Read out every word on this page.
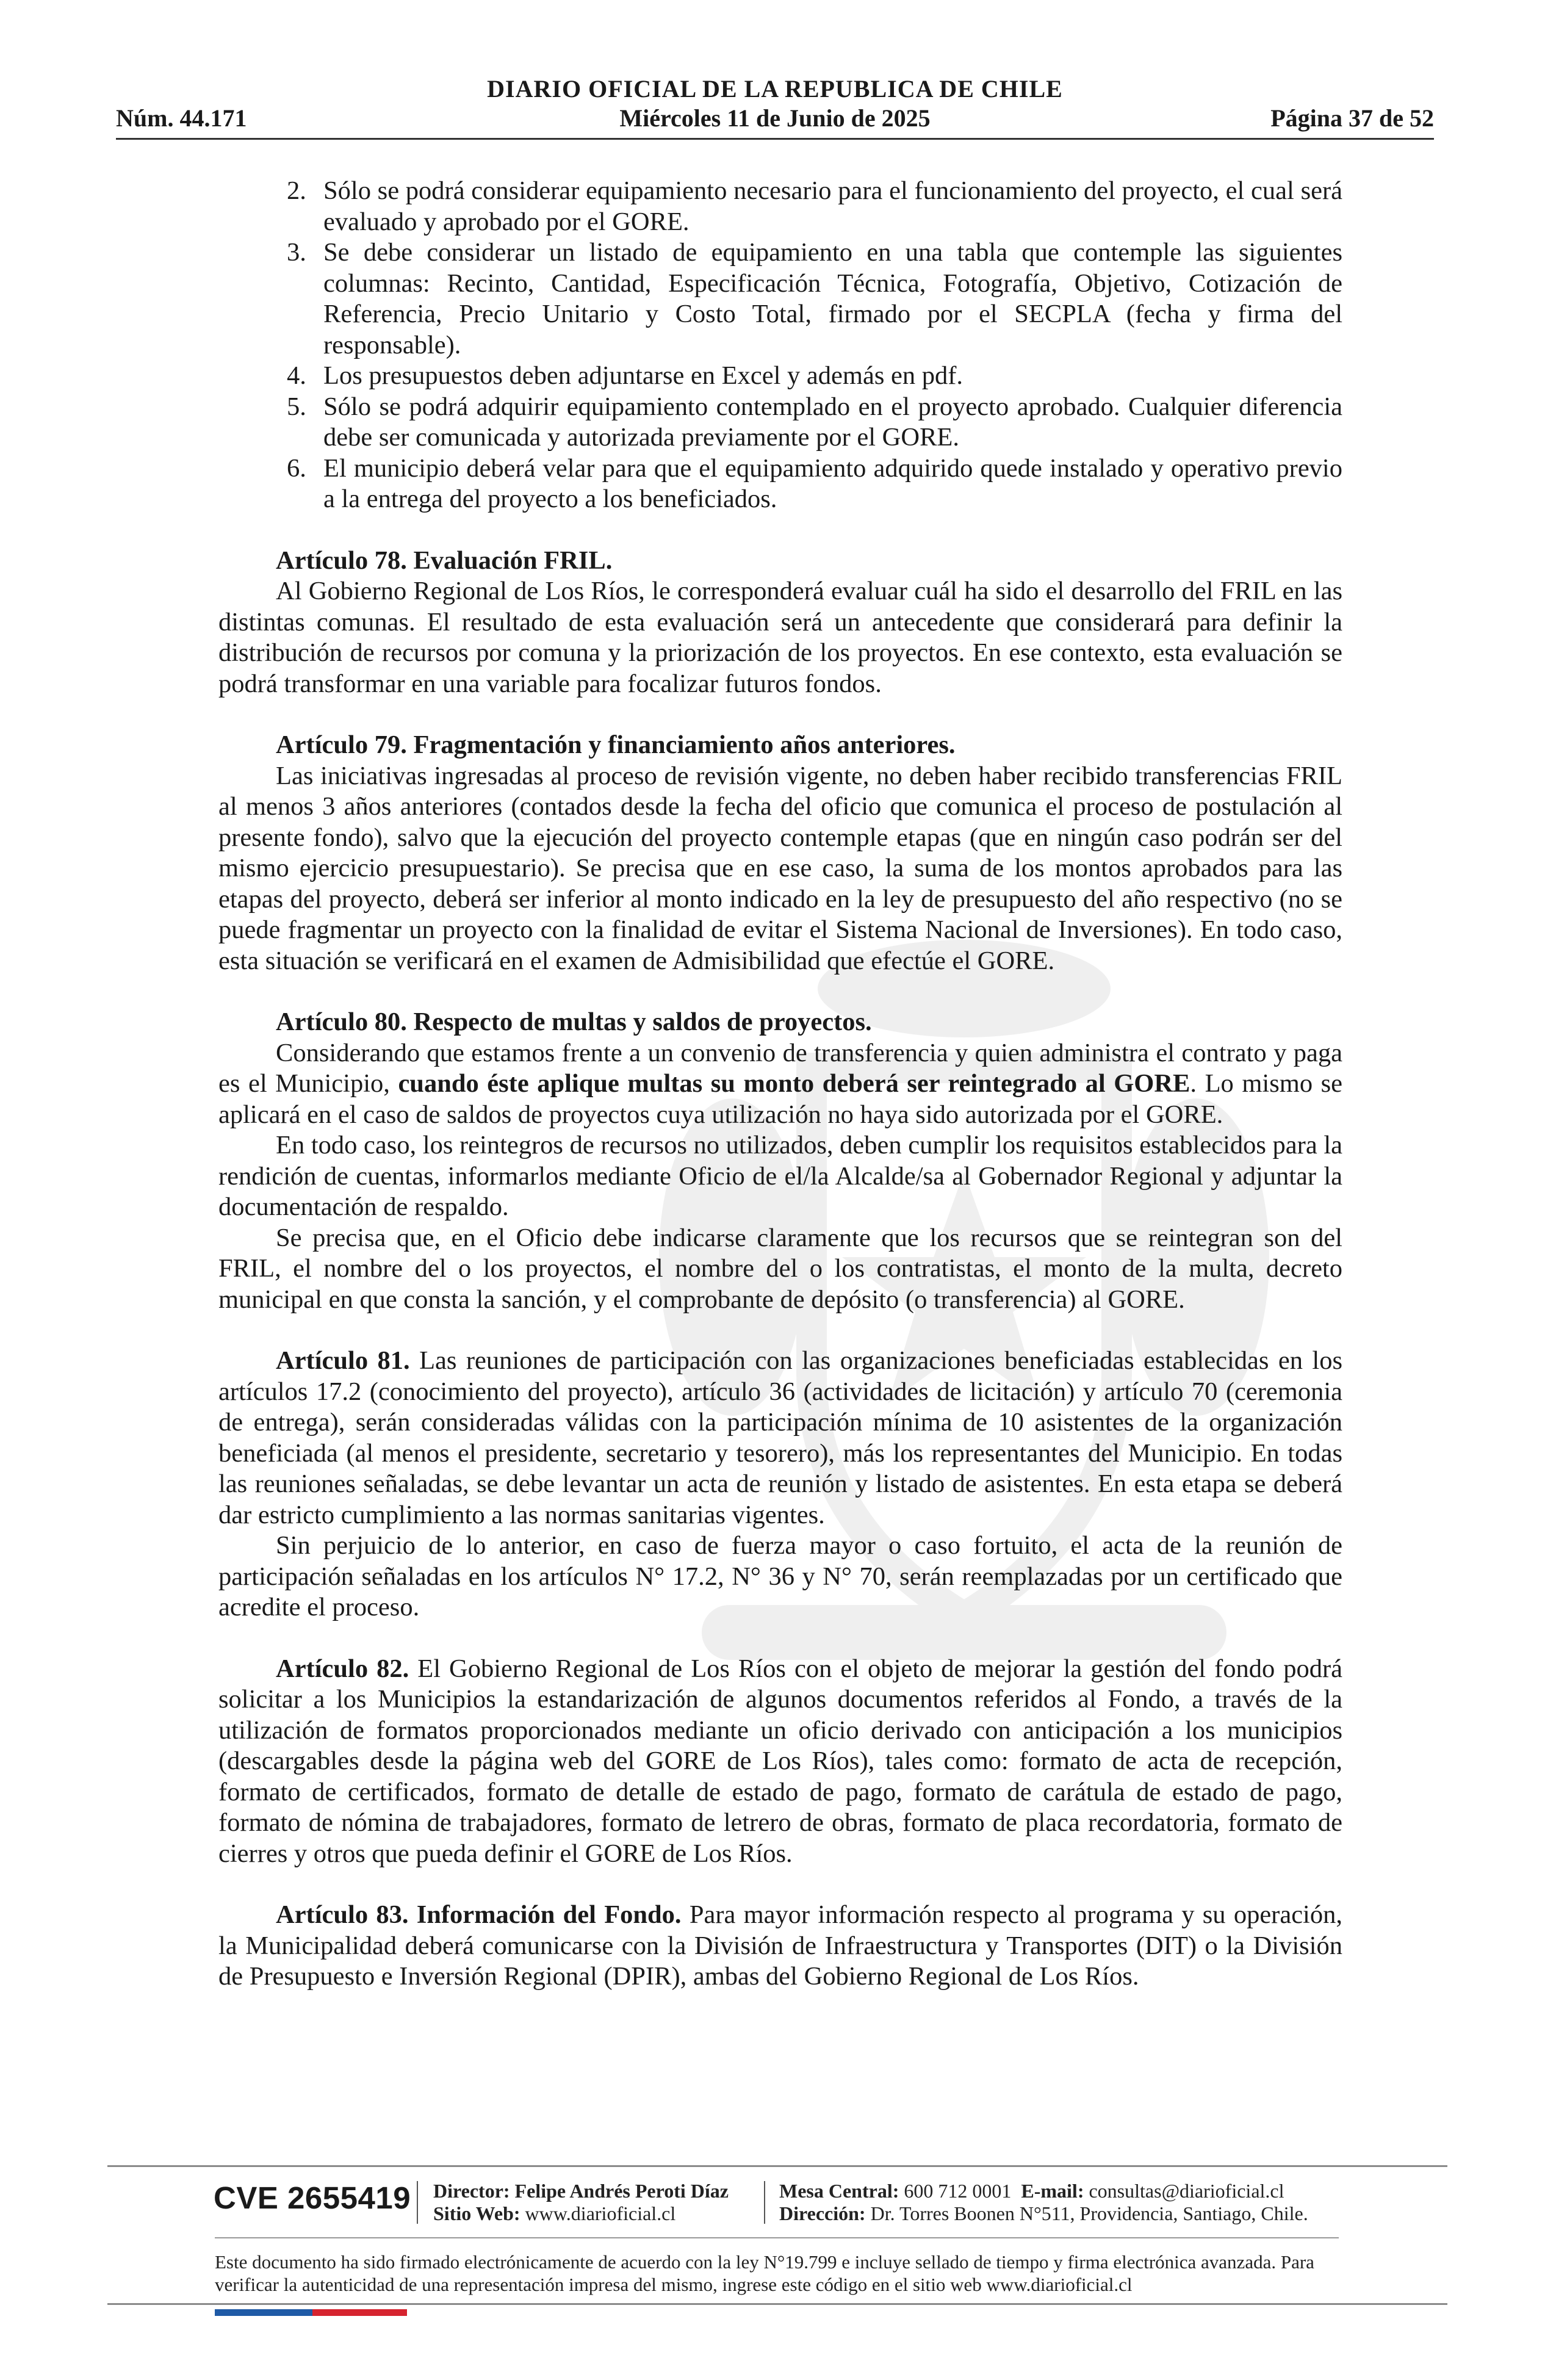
DIARIO OFICIAL DE LA REPUBLICA DE CHILE
Núm. 44.171	Miércoles 11 de Junio de 2025	Página 37 de 52
2. Sólo se podrá considerar equipamiento necesario para el funcionamiento del proyecto, el cual será evaluado y aprobado por el GORE.
3. Se debe considerar un listado de equipamiento en una tabla que contemple las siguientes columnas: Recinto, Cantidad, Especificación Técnica, Fotografía, Objetivo, Cotización de Referencia, Precio Unitario y Costo Total, firmado por el SECPLA (fecha y firma del responsable).
4. Los presupuestos deben adjuntarse en Excel y además en pdf.
5. Sólo se podrá adquirir equipamiento contemplado en el proyecto aprobado. Cualquier diferencia debe ser comunicada y autorizada previamente por el GORE.
6. El municipio deberá velar para que el equipamiento adquirido quede instalado y operativo previo a la entrega del proyecto a los beneficiados.

Artículo 78. Evaluación FRIL.

Al Gobierno Regional de Los Ríos, le corresponderá evaluar cuál ha sido el desarrollo del FRIL en las distintas comunas. El resultado de esta evaluación será un antecedente que considerará para definir la distribución de recursos por comuna y la priorización de los proyectos. En ese contexto, esta evaluación se podrá transformar en una variable para focalizar futuros fondos.

Artículo 79. Fragmentación y financiamiento años anteriores.

Las iniciativas ingresadas al proceso de revisión vigente, no deben haber recibido transferencias FRIL al menos 3 años anteriores (contados desde la fecha del oficio que comunica el proceso de postulación al presente fondo), salvo que la ejecución del proyecto contemple etapas (que en ningún caso podrán ser del mismo ejercicio presupuestario). Se precisa que en ese caso, la suma de los montos aprobados para las etapas del proyecto, deberá ser inferior al monto indicado en la ley de presupuesto del año respectivo (no se puede fragmentar un proyecto con la finalidad de evitar el Sistema Nacional de Inversiones). En todo caso, esta situación se verificará en el examen de Admisibilidad que efectúe el GORE.

Artículo 80. Respecto de multas y saldos de proyectos.

Considerando que estamos frente a un convenio de transferencia y quien administra el contrato y paga es el Municipio, cuando éste aplique multas su monto deberá ser reintegrado al GORE. Lo mismo se aplicará en el caso de saldos de proyectos cuya utilización no haya sido autorizada por el GORE.

En todo caso, los reintegros de recursos no utilizados, deben cumplir los requisitos establecidos para la rendición de cuentas, informarlos mediante Oficio de el/la Alcalde/sa al Gobernador Regional y adjuntar la documentación de respaldo.

Se precisa que, en el Oficio debe indicarse claramente que los recursos que se reintegran son del FRIL, el nombre del o los proyectos, el nombre del o los contratistas, el monto de la multa, decreto municipal en que consta la sanción, y el comprobante de depósito (o transferencia) al GORE.

Artículo 81. Las reuniones de participación con las organizaciones beneficiadas establecidas en los artículos 17.2 (conocimiento del proyecto), artículo 36 (actividades de licitación) y artículo 70 (ceremonia de entrega), serán consideradas válidas con la participación mínima de 10 asistentes de la organización beneficiada (al menos el presidente, secretario y tesorero), más los representantes del Municipio. En todas las reuniones señaladas, se debe levantar un acta de reunión y listado de asistentes. En esta etapa se deberá dar estricto cumplimiento a las normas sanitarias vigentes.

Sin perjuicio de lo anterior, en caso de fuerza mayor o caso fortuito, el acta de la reunión de participación señaladas en los artículos N° 17.2, N° 36 y N° 70, serán reemplazadas por un certificado que acredite el proceso.

Artículo 82. El Gobierno Regional de Los Ríos con el objeto de mejorar la gestión del fondo podrá solicitar a los Municipios la estandarización de algunos documentos referidos al Fondo, a través de la utilización de formatos proporcionados mediante un oficio derivado con anticipación a los municipios (descargables desde la página web del GORE de Los Ríos), tales como: formato de acta de recepción, formato de certificados, formato de detalle de estado de pago, formato de carátula de estado de pago, formato de nómina de trabajadores, formato de letrero de obras, formato de placa recordatoria, formato de cierres y otros que pueda definir el GORE de Los Ríos.

Artículo 83. Información del Fondo. Para mayor información respecto al programa y su operación, la Municipalidad deberá comunicarse con la División de Infraestructura y Transportes (DIT) o la División de Presupuesto e Inversión Regional (DPIR), ambas del Gobierno Regional de Los Ríos.

CVE 2655419 Director: Felipe Andrés Peroti Díaz
Sitio Web: www.diarioficial.cl
Mesa Central: 600 712 0001 E-mail: consultas@diarioficial.cl
Dirección: Dr. Torres Boonen N°511, Providencia, Santiago, Chile.
Este documento ha sido firmado electrónicamente de acuerdo con la ley N°19.799 e incluye sellado de tiempo y firma electrónica avanzada. Para verificar la autenticidad de una representación impresa del mismo, ingrese este código en el sitio web www.diarioficial.cl
